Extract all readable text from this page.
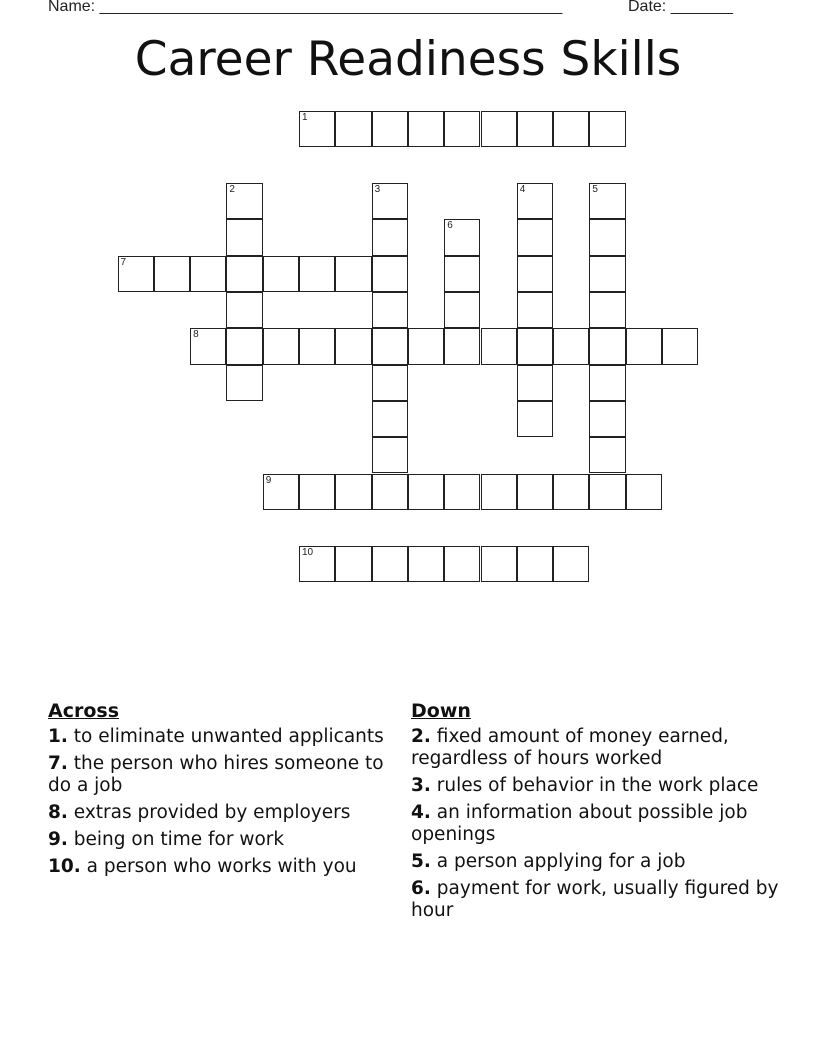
Name: ____________________________________________________	Date: _______
Career Readiness Skills
1
2	3	4	5
6
7
8
9
10
Across
1. to eliminate unwanted applicants
7. the person who hires someone to do a job
8. extras provided by employers
9. being on time for work
10. a person who works with you
Down
2. fixed amount of money earned, regardless of hours worked
3. rules of behavior in the work place
4. an information about possible job openings
5. a person applying for a job
6. payment for work, usually figured by hour
